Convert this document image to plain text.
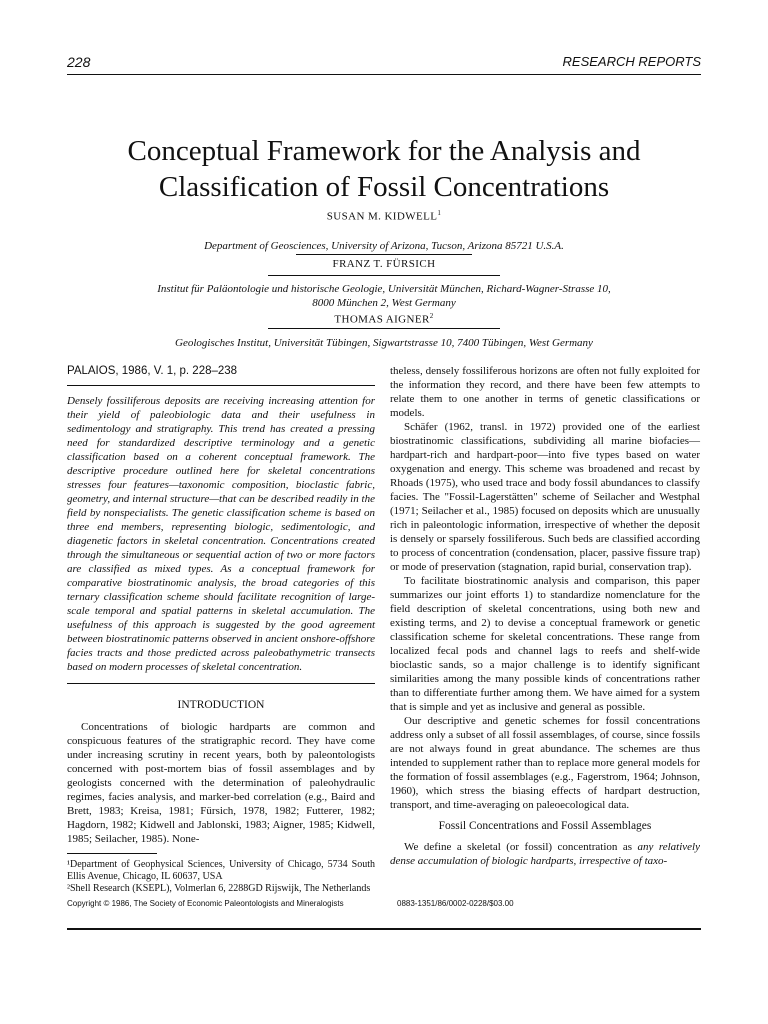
228	RESEARCH REPORTS
Conceptual Framework for the Analysis and
Classification of Fossil Concentrations
SUSAN M. KIDWELL$^1$
Department of Geosciences, University of Arizona, Tucson, Arizona 85721 U.S.A.
FRANZ T. FÜRSICH
Institut für Paläontologie und historische Geologie, Universität München, Richard-Wagner-Strasse 10,
8000 München 2, West Germany
THOMAS AIGNER$^2$
Geologisches Institut, Universität Tübingen, Sigwartstrasse 10, 7400 Tübingen, West Germany
PALAIOS, 1986, V. 1, p. 228–238

Densely fossiliferous deposits are receiving increasing attention for their yield of paleobiologic data and their usefulness in sedimentology and stratigraphy. This trend has created a pressing need for standardized descriptive terminology and a genetic classification based on a coherent conceptual framework. The descriptive procedure outlined here for skeletal concentrations stresses four features—taxonomic composition, bioclastic fabric, geometry, and internal structure—that can be described readily in the field by nonspecialists. The genetic classification scheme is based on three end members, representing biologic, sedimentologic, and diagenetic factors in skeletal concentration. Concentrations created through the simultaneous or sequential action of two or more factors are classified as mixed types. As a conceptual framework for comparative biostratinomic analysis, the broad categories of this ternary classification scheme should facilitate recognition of large-scale temporal and spatial patterns in skeletal accumulation. The usefulness of this approach is suggested by the good agreement between biostratinomic patterns observed in ancient onshore-offshore facies tracts and those predicted across paleobathymetric transects based on modern processes of skeletal concentration.

INTRODUCTION

Concentrations of biologic hardparts are common and conspicuous features of the stratigraphic record. They have come under increasing scrutiny in recent years, both by paleontologists concerned with post-mortem bias of fossil assemblages and by geologists concerned with the determination of paleohydraulic regimes, facies analysis, and marker-bed correlation (e.g., Baird and Brett, 1983; Kreisa, 1981; Fürsich, 1978, 1982; Futterer, 1982; Hagdorn, 1982; Kidwell and Jablonski, 1983; Aigner, 1985; Kidwell, 1985; Seilacher, 1985). None-

¹Department of Geophysical Sciences, University of Chicago, 5734 South Ellis Avenue, Chicago, IL 60637, USA

²Shell Research (KSEPL), Volmerlan 6, 2288GD Rijswijk, The Netherlands

theless, densely fossiliferous horizons are often not fully exploited for the information they record, and there have been few attempts to relate them to one another in terms of genetic classifications or models.

Schäfer (1962, transl. in 1972) provided one of the earliest biostratinomic classifications, subdividing all marine biofacies—hardpart-rich and hardpart-poor—into five types based on water oxygenation and energy. This scheme was broadened and recast by Rhoads (1975), who used trace and body fossil abundances to classify facies. The "Fossil-Lagerstätten" scheme of Seilacher and Westphal (1971; Seilacher et al., 1985) focused on deposits which are unusually rich in paleontologic information, irrespective of whether the deposit is densely or sparsely fossiliferous. Such beds are classified according to process of concentration (condensation, placer, passive fissure trap) or mode of preservation (stagnation, rapid burial, conservation trap).

To facilitate biostratinomic analysis and comparison, this paper summarizes our joint efforts 1) to standardize nomenclature for the field description of skeletal concentrations, using both new and existing terms, and 2) to devise a conceptual framework or genetic classification scheme for skeletal concentrations. These range from localized fecal pods and channel lags to reefs and shelf-wide bioclastic sands, so a major challenge is to identify significant similarities among the many possible kinds of concentrations rather than to differentiate further among them. We have aimed for a system that is simple and yet as inclusive and general as possible.

Our descriptive and genetic schemes for fossil concentrations address only a subset of all fossil assemblages, of course, since fossils are not always found in great abundance. The schemes are thus intended to supplement rather than to replace more general models for the formation of fossil assemblages (e.g., Fagerstrom, 1964; Johnson, 1960), which stress the biasing effects of hardpart destruction, transport, and time-averaging on paleoecological data.

Fossil Concentrations and Fossil Assemblages

We define a skeletal (or fossil) concentration as any relatively dense accumulation of biologic hardparts, irrespective of taxo-

Copyright © 1986, The Society of Economic Paleontologists and Mineralogists	0883-1351/86/0002-0228/$03.00
